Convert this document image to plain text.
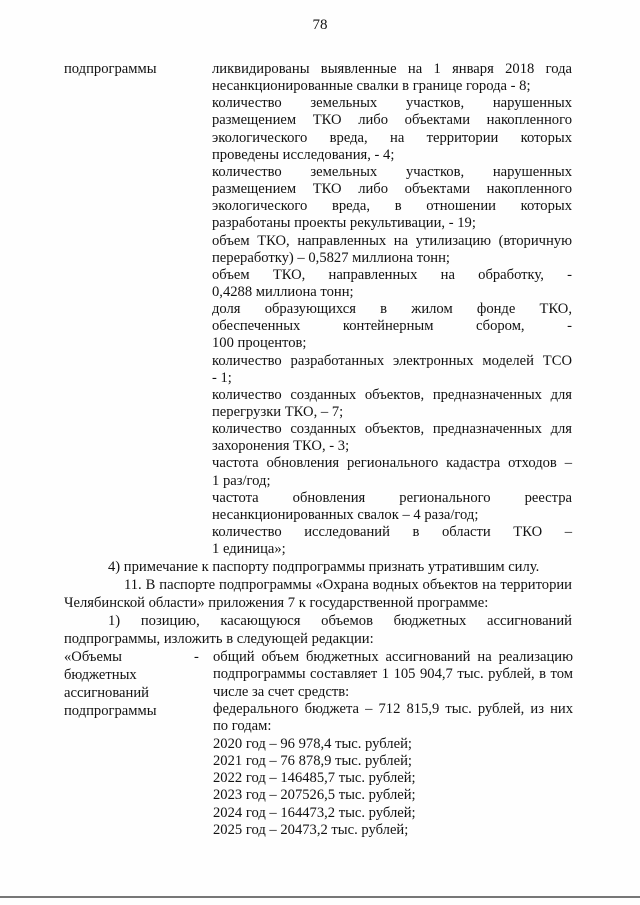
78
подпрограммы	ликвидированы выявленные на 1 января 2018 года
несанкционированные свалки в границе города - 8;
количество земельных участков, нарушенных
размещением ТКО либо объектами накопленного
экологического вреда, на территории которых
проведены исследования, - 4;
количество земельных участков, нарушенных
размещением ТКО либо объектами накопленного
экологического вреда, в отношении которых
разработаны проекты рекультивации, - 19;
объем ТКО, направленных на утилизацию (вторичную
переработку) – 0,5827 миллиона тонн;
объем ТКО, направленных на обработку, -
0,4288 миллиона тонн;
доля образующихся в жилом фонде ТКО,
обеспеченных контейнерным сбором, -
100 процентов;
количество разработанных электронных моделей ТСО
- 1;
количество созданных объектов, предназначенных для
перегрузки ТКО, – 7;
количество созданных объектов, предназначенных для
захоронения ТКО, - 3;
частота обновления регионального кадастра отходов –
1 раз/год;
частота обновления регионального реестра
несанкционированных свалок – 4 раза/год;
количество исследований в области ТКО –
1 единица»;
4) примечание к паспорту подпрограммы признать утратившим силу.
11. В паспорте подпрограммы «Охрана водных объектов на территории
Челябинской области» приложения 7 к государственной программе:
1) позицию, касающуюся объемов бюджетных ассигнований
подпрограммы, изложить в следующей редакции:
«Объемы
бюджетных
ассигнований
подпрограммы
- общий объем бюджетных ассигнований на реализацию
подпрограммы составляет 1 105 904,7 тыс. рублей, в том
числе за счет средств:
федерального бюджета – 712 815,9 тыс. рублей, из них
по годам:
2020 год – 96 978,4 тыс. рублей;
2021 год – 76 878,9 тыс. рублей;
2022 год – 146485,7 тыс. рублей;
2023 год – 207526,5 тыс. рублей;
2024 год – 164473,2 тыс. рублей;
2025 год – 20473,2 тыс. рублей;
